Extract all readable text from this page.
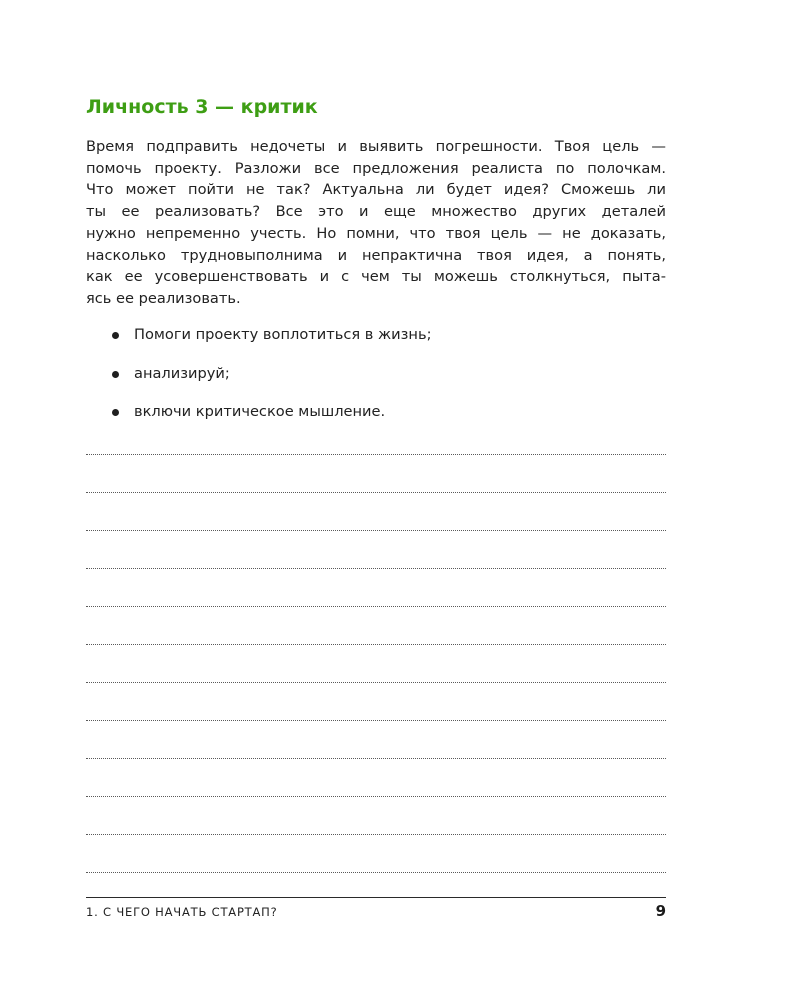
Личность 3 — критик
Время подправить недочеты и выявить погрешности. Твоя цель —
помочь проекту. Разложи все предложения реалиста по полочкам.
Что может пойти не так? Актуальна ли будет идея? Сможешь ли
ты ее реализовать? Все это и еще множество других деталей
нужно непременно учесть. Но помни, что твоя цель — не доказать,
насколько трудновыполнима и непрактична твоя идея, а понять,
как ее усовершенствовать и с чем ты можешь столкнуться, пыта-
ясь ее реализовать.
Помоги проекту воплотиться в жизнь;
анализируй;
включи критическое мышление.
1. С ЧЕГО НАЧАТЬ СТАРТАП?	9
